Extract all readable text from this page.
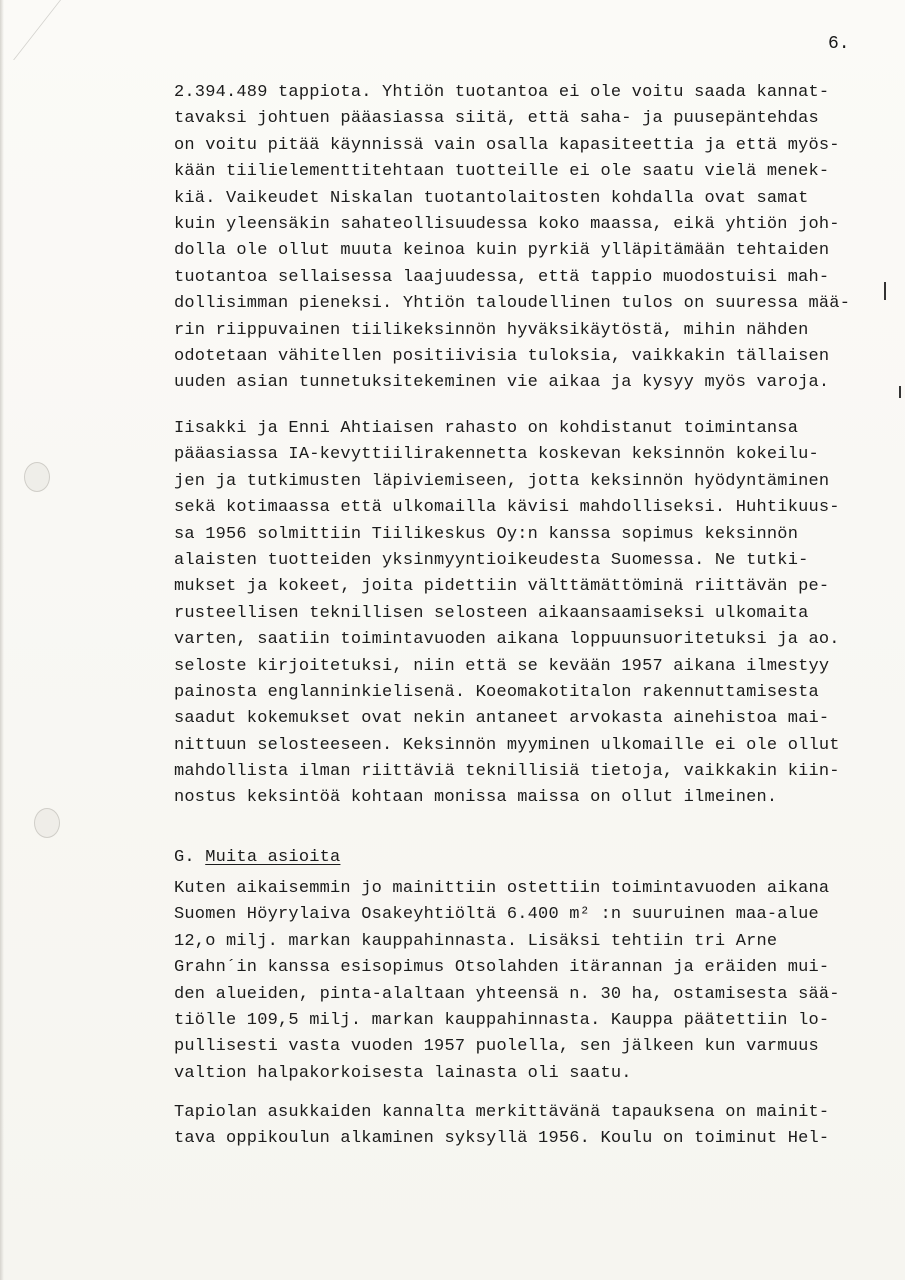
6.
2.394.489 tappiota. Yhtiön tuotantoa ei ole voitu saada kannat-
tavaksi johtuen pääasiassa siitä, että saha- ja puusepäntehdas
on voitu pitää käynnissä vain osalla kapasiteettia ja että myös-
kään tiilielementtitehtaan tuotteille ei ole saatu vielä menek-
kiä. Vaikeudet Niskalan tuotantolaitosten kohdalla ovat samat
kuin yleensäkin sahateollisuudessa koko maassa, eikä yhtiön joh-
dolla ole ollut muuta keinoa kuin pyrkiä ylläpitämään tehtaiden
tuotantoa sellaisessa laajuudessa, että tappio muodostuisi mah-
dollisimman pieneksi. Yhtiön taloudellinen tulos on suuressa mää-
rin riippuvainen tiilikeksinnön hyväksikäytöstä, mihin nähden
odotetaan vähitellen positiivisia tuloksia, vaikkakin tällaisen
uuden asian tunnetuksitekeminen vie aikaa ja kysyy myös varoja.
Iisakki ja Enni Ahtiaisen rahasto on kohdistanut toimintansa
pääasiassa IA-kevyttiilirakennetta koskevan keksinnön kokeilu-
jen ja tutkimusten läpiviemiseen, jotta keksinnön hyödyntäminen
sekä kotimaassa että ulkomailla kävisi mahdolliseksi. Huhtikuus-
sa 1956 solmittiin Tiilikeskus Oy:n kanssa sopimus keksinnön
alaisten tuotteiden yksinmyyntioikeudesta Suomessa. Ne tutki-
mukset ja kokeet, joita pidettiin välttämättöminä riittävän pe-
rusteellisen teknillisen selosteen aikaansaamiseksi ulkomaita
varten, saatiin toimintavuoden aikana loppuunsuoritetuksi ja ao.
seloste kirjoitetuksi, niin että se kevään 1957 aikana ilmestyy
painosta englanninkielisenä. Koeomakotitalon rakennuttamisesta
saadut kokemukset ovat nekin antaneet arvokasta ainehistoa mai-
nittuun selosteeseen. Keksinnön myyminen ulkomaille ei ole ollut
mahdollista ilman riittäviä teknillisiä tietoja, vaikkakin kiin-
nostus keksintöä kohtaan monissa maissa on ollut ilmeinen.
G. Muita asioita
Kuten aikaisemmin jo mainittiin ostettiin toimintavuoden aikana
Suomen Höyrylaiva Osakeyhtiöltä 6.400 m² :n suuruinen maa-alue
12,o milj. markan kauppahinnasta. Lisäksi tehtiin tri Arne
Grahn´in kanssa esisopimus Otsolahden itärannan ja eräiden mui-
den alueiden, pinta-alaltaan yhteensä n. 30 ha, ostamisesta sää-
tiölle 109,5 milj. markan kauppahinnasta. Kauppa päätettiin lo-
pullisesti vasta vuoden 1957 puolella, sen jälkeen kun varmuus
valtion halpakorkoisesta lainasta oli saatu.
Tapiolan asukkaiden kannalta merkittävänä tapauksena on mainit-
tava oppikoulun alkaminen syksyllä 1956. Koulu on toiminut Hel-
